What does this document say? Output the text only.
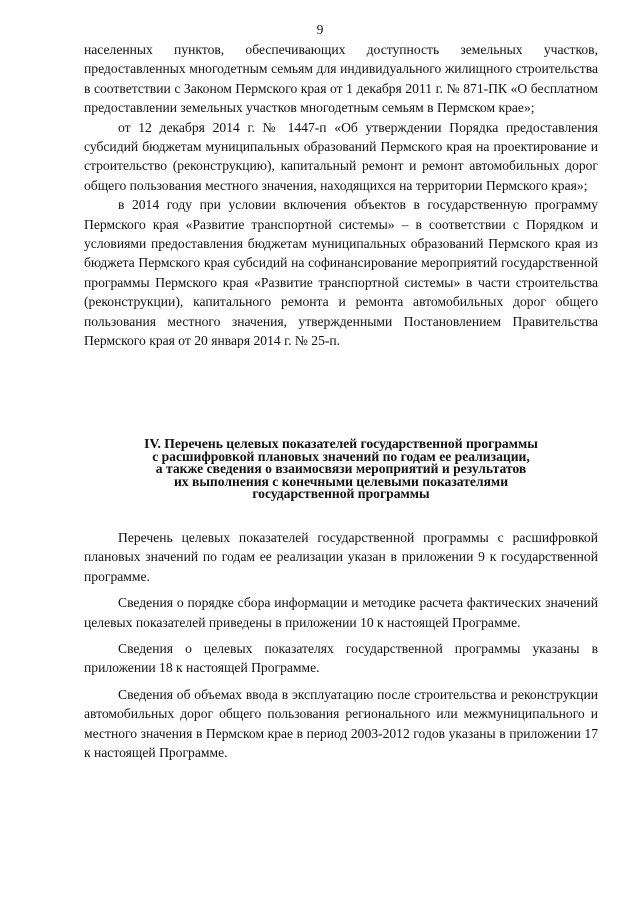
9

населенных пунктов, обеспечивающих доступность земельных участков, предоставленных многодетным семьям для индивидуального жилищного строительства в соответствии с Законом Пермского края от 1 декабря 2011 г. № 871-ПК «О бесплатном предоставлении земельных участков многодетным семьям в Пермском крае»;

от 12 декабря 2014 г. № 1447-п «Об утверждении Порядка предоставления субсидий бюджетам муниципальных образований Пермского края на проектирование и строительство (реконструкцию), капитальный ремонт и ремонт автомобильных дорог общего пользования местного значения, находящихся на территории Пермского края»;

в 2014 году при условии включения объектов в государственную программу Пермского края «Развитие транспортной системы» – в соответствии с Порядком и условиями предоставления бюджетам муниципальных образований Пермского края из бюджета Пермского края субсидий на софинансирование мероприятий государственной программы Пермского края «Развитие транспортной системы» в части строительства (реконструкции), капитального ремонта и ремонта автомобильных дорог общего пользования местного значения, утвержденными Постановлением Правительства Пермского края от 20 января 2014 г. № 25-п.

IV. Перечень целевых показателей государственной программы
с расшифровкой плановых значений по годам ее реализации,
а также сведения о взаимосвязи мероприятий и результатов
их выполнения с конечными целевыми показателями
государственной программы

Перечень целевых показателей государственной программы с расшифровкой плановых значений по годам ее реализации указан в приложении 9 к государственной программе.

Сведения о порядке сбора информации и методике расчета фактических значений целевых показателей приведены в приложении 10 к настоящей Программе.

Сведения о целевых показателях государственной программы указаны в приложении 18 к настоящей Программе.

Сведения об объемах ввода в эксплуатацию после строительства и реконструкции автомобильных дорог общего пользования регионального или межмуниципального и местного значения в Пермском крае в период 2003-2012 годов указаны в приложении 17 к настоящей Программе.
